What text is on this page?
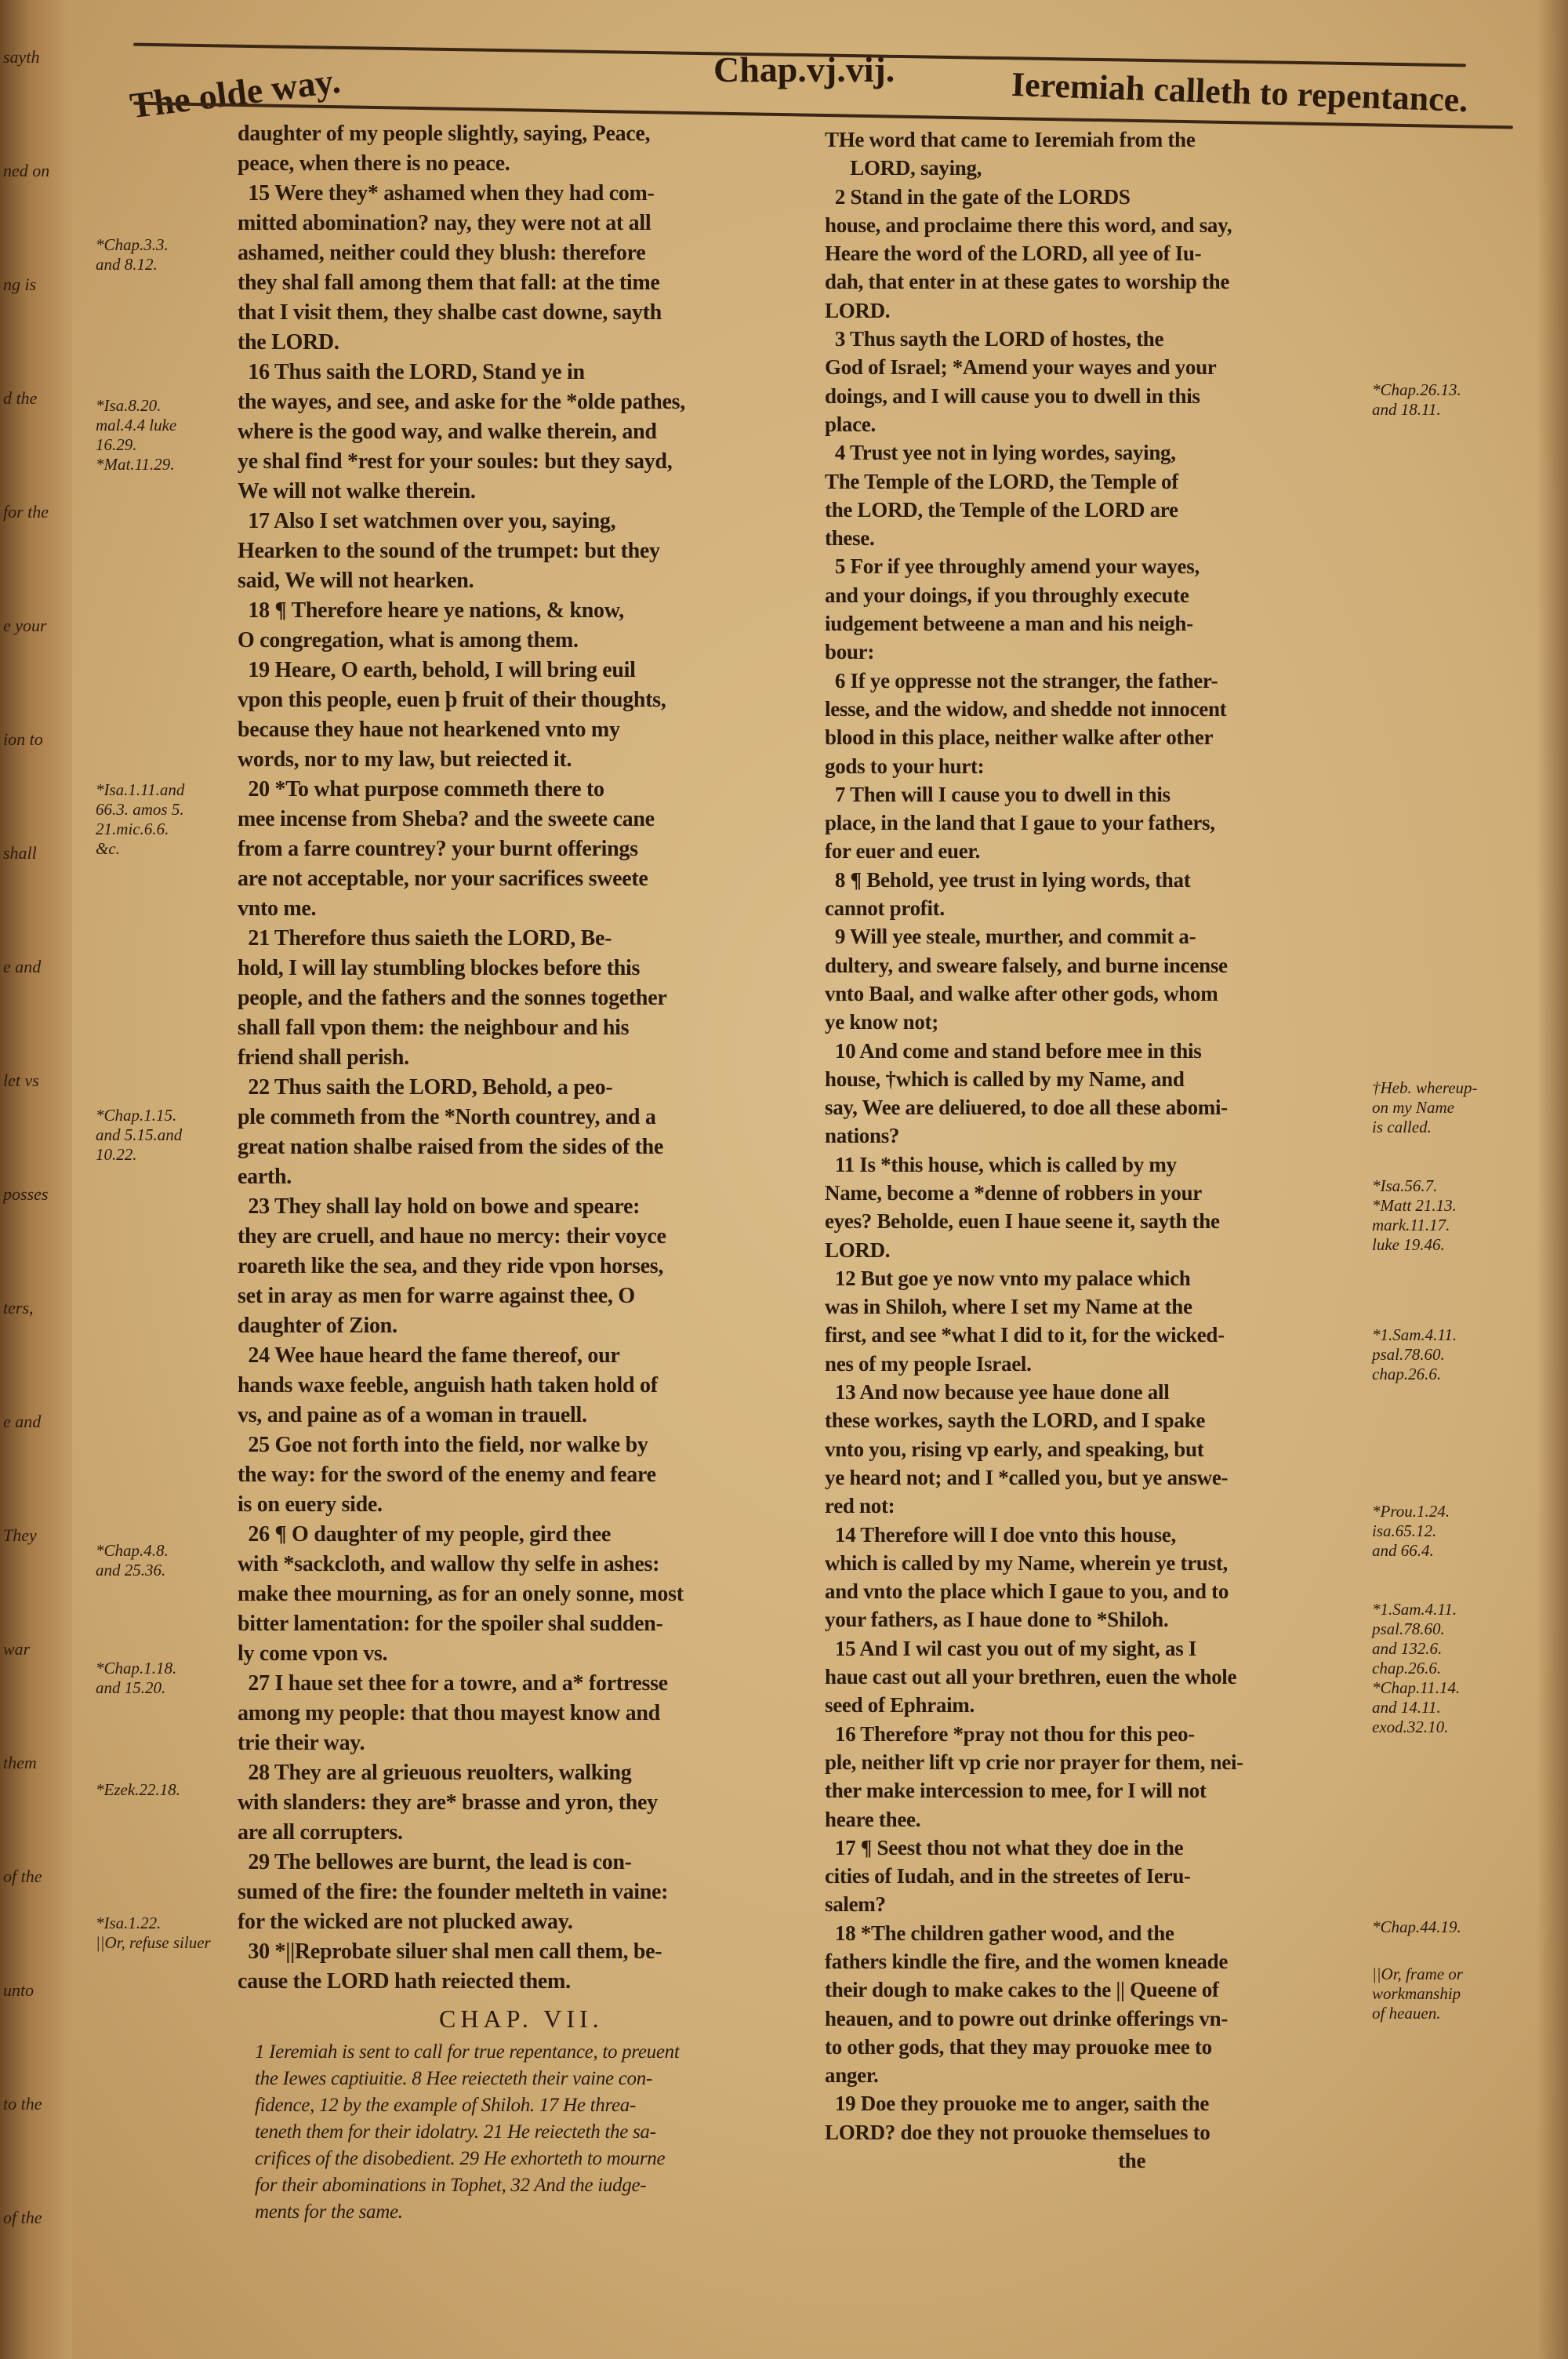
sayth
ned on
ng is
d the
for the
e your
ion to
shall
e and
let vs
posses
ters,
e and
They
war
them
of the
unto
to the
of the
The olde way.	Chap.vj.vij.	Ieremiah calleth to repentance.
daughter of my people slightly, saying, Peace,
peace, when there is no peace.
15 Were they* ashamed when they had com-
mitted abomination? nay, they were not at all
ashamed, neither could they blush: therefore
they shal fall among them that fall: at the time
that I visit them, they shalbe cast downe, sayth
the LORD.
16 Thus saith the LORD, Stand ye in
the wayes, and see, and aske for the *olde pathes,
where is the good way, and walke therein, and
ye shal find *rest for your soules: but they sayd,
We will not walke therein.
17 Also I set watchmen over you, saying,
Hearken to the sound of the trumpet: but they
said, We will not hearken.
18 ¶ Therefore heare ye nations, & know,
O congregation, what is among them.
19 Heare, O earth, behold, I will bring euil
vpon this people, euen þ fruit of their thoughts,
because they haue not hearkened vnto my
words, nor to my law, but reiected it.
20 *To what purpose commeth there to
mee incense from Sheba? and the sweete cane
from a farre countrey? your burnt offerings
are not acceptable, nor your sacrifices sweete
vnto me.
21 Therefore thus saieth the LORD, Be-
hold, I will lay stumbling blockes before this
people, and the fathers and the sonnes together
shall fall vpon them: the neighbour and his
friend shall perish.
22 Thus saith the LORD, Behold, a peo-
ple commeth from the *North countrey, and a
great nation shalbe raised from the sides of the
earth.
23 They shall lay hold on bowe and speare:
they are cruell, and haue no mercy: their voyce
roareth like the sea, and they ride vpon horses,
set in aray as men for warre against thee, O
daughter of Zion.
24 Wee haue heard the fame thereof, our
hands waxe feeble, anguish hath taken hold of
vs, and paine as of a woman in trauell.
25 Goe not forth into the field, nor walke by
the way: for the sword of the enemy and feare
is on euery side.
26 ¶ O daughter of my people, gird thee
with *sackcloth, and wallow thy selfe in ashes:
make thee mourning, as for an onely sonne, most
bitter lamentation: for the spoiler shal sudden-
ly come vpon vs.
27 I haue set thee for a towre, and a* fortresse
among my people: that thou mayest know and
trie their way.
28 They are al grieuous reuolters, walking
with slanders: they are* brasse and yron, they
are all corrupters.
29 The bellowes are burnt, the lead is con-
sumed of the fire: the founder melteth in vaine:
for the wicked are not plucked away.
30 *||Reprobate siluer shal men call them, be-
cause the LORD hath reiected them.
CHAP. VII.
1 Ieremiah is sent to call for true repentance, to preuent
the Iewes captiuitie. 8 Hee reiecteth their vaine con-
fidence, 12 by the example of Shiloh. 17 He threa-
teneth them for their idolatry. 21 He reiecteth the sa-
crifices of the disobedient. 29 He exhorteth to mourne
for their abominations in Tophet, 32 And the iudge-
ments for the same.
THe word that came to Ieremiah from the
LORD, saying,
2 Stand in the gate of the LORDS
house, and proclaime there this word, and say,
Heare the word of the LORD, all yee of Iu-
dah, that enter in at these gates to worship the
LORD.
3 Thus sayth the LORD of hostes, the
God of Israel; *Amend your wayes and your
doings, and I will cause you to dwell in this
place.
4 Trust yee not in lying wordes, saying,
The Temple of the LORD, the Temple of
the LORD, the Temple of the LORD are
these.
5 For if yee throughly amend your wayes,
and your doings, if you throughly execute
iudgement betweene a man and his neigh-
bour:
6 If ye oppresse not the stranger, the father-
lesse, and the widow, and shedde not innocent
blood in this place, neither walke after other
gods to your hurt:
7 Then will I cause you to dwell in this
place, in the land that I gaue to your fathers,
for euer and euer.
8 ¶ Behold, yee trust in lying words, that
cannot profit.
9 Will yee steale, murther, and commit a-
dultery, and sweare falsely, and burne incense
vnto Baal, and walke after other gods, whom
ye know not;
10 And come and stand before mee in this
house, †which is called by my Name, and
say, Wee are deliuered, to doe all these abomi-
nations?
11 Is *this house, which is called by my
Name, become a *denne of robbers in your
eyes? Beholde, euen I haue seene it, sayth the
LORD.
12 But goe ye now vnto my palace which
was in Shiloh, where I set my Name at the
first, and see *what I did to it, for the wicked-
nes of my people Israel.
13 And now because yee haue done all
these workes, sayth the LORD, and I spake
vnto you, rising vp early, and speaking, but
ye heard not; and I *called you, but ye answe-
red not:
14 Therefore will I doe vnto this house,
which is called by my Name, wherein ye trust,
and vnto the place which I gaue to you, and to
your fathers, as I haue done to *Shiloh.
15 And I wil cast you out of my sight, as I
haue cast out all your brethren, euen the whole
seed of Ephraim.
16 Therefore *pray not thou for this peo-
ple, neither lift vp crie nor prayer for them, nei-
ther make intercession to mee, for I will not
heare thee.
17 ¶ Seest thou not what they doe in the
cities of Iudah, and in the streetes of Ieru-
salem?
18 *The children gather wood, and the
fathers kindle the fire, and the women kneade
their dough to make cakes to the || Queene of
heauen, and to powre out drinke offerings vn-
to other gods, that they may prouoke mee to
anger.
19 Doe they prouoke me to anger, saith the
LORD? doe they not prouoke themselues to
the
*Chap.3.3.
and 8.12.
*Isa.8.20.
mal.4.4 luke
16.29.
*Mat.11.29.
*Isa.1.11.and
66.3. amos 5.
21.mic.6.6.
&c.
*Chap.1.15.
and 5.15.and
10.22.
*Chap.4.8.
and 25.36.
*Chap.1.18.
and 15.20.
*Ezek.22.18.
*Isa.1.22.
||Or, refuse siluer
*Chap.26.13.
and 18.11.
†Heb. whereup-
on my Name
is called.
*Isa.56.7.
*Matt 21.13.
mark.11.17.
luke 19.46.
*1.Sam.4.11.
psal.78.60.
chap.26.6.
*Prou.1.24.
isa.65.12.
and 66.4.
*1.Sam.4.11.
psal.78.60.
and 132.6.
chap.26.6.
*Chap.11.14.
and 14.11.
exod.32.10.
*Chap.44.19.
||Or, frame or
workmanship
of heauen.
